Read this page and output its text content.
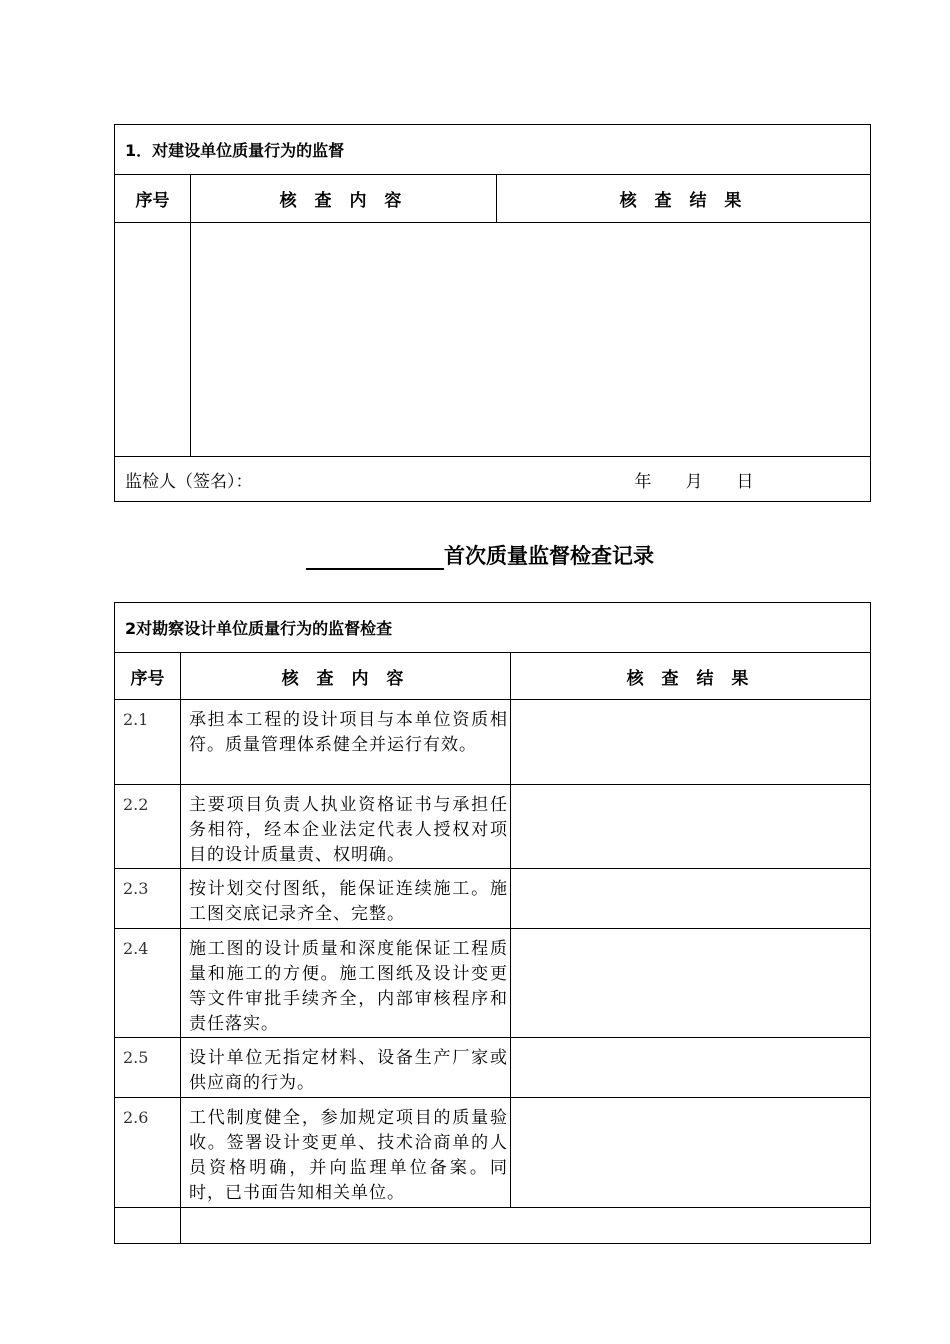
1．对建设单位质量行为的监督		
序号	核 查 内 容	核 查 结 果

监检人（签名）： 年　　月　　日		
首次质量监督检查记录
2对勘察设计单位质量行为的监督检查		
序号	核 查 内 容	核 查 结 果
2.1	承担本工程的设计项目与本单位资质相符。质量管理体系健全并运行有效。	
2.2	主要项目负责人执业资格证书与承担任务相符，经本企业法定代表人授权对项目的设计质量责、权明确。	
2.3	按计划交付图纸，能保证连续施工。施工图交底记录齐全、完整。	
2.4	施工图的设计质量和深度能保证工程质量和施工的方便。施工图纸及设计变更等文件审批手续齐全，内部审核程序和责任落实。	
2.5	设计单位无指定材料、设备生产厂家或供应商的行为。	
2.6	工代制度健全，参加规定项目的质量验收。签署设计变更单、技术洽商单的人员资格明确，并向监理单位备案。同时，已书面告知相关单位。	
